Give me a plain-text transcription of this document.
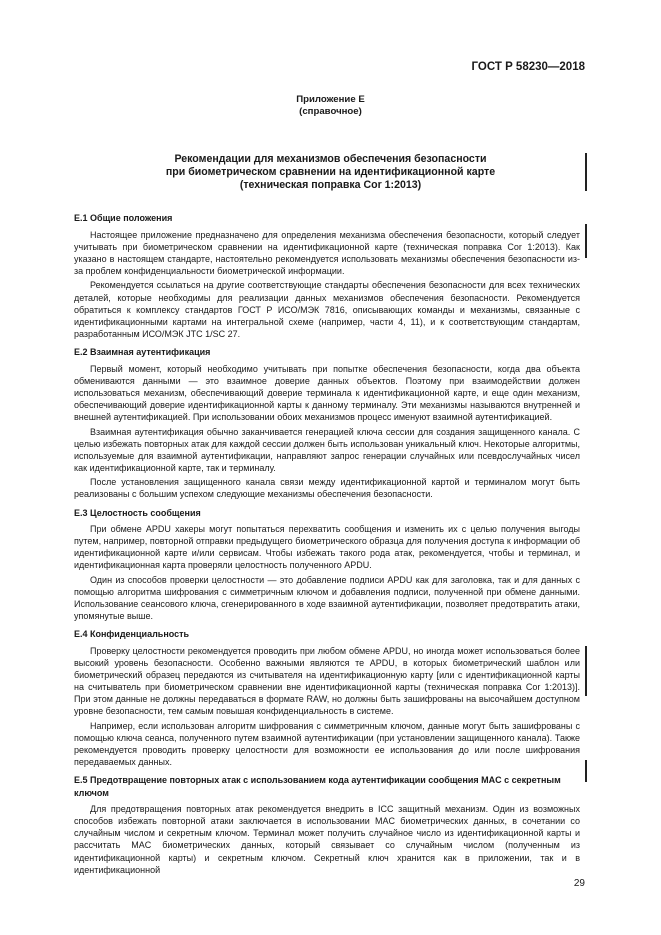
ГОСТ Р 58230—2018
Приложение Е
(справочное)
Рекомендации для механизмов обеспечения безопасности
при биометрическом сравнении на идентификационной карте
(техническая поправка Cor 1:2013)
Е.1 Общие положения

Настоящее приложение предназначено для определения механизма обеспечения безопасности, который следует учитывать при биометрическом сравнении на идентификационной карте (техническая поправка Cor 1:2013). Как указано в настоящем стандарте, настоятельно рекомендуется использовать механизмы обеспечения безопасности из-за проблем конфиденциальности биометрической информации.

Рекомендуется ссылаться на другие соответствующие стандарты обеспечения безопасности для всех технических деталей, которые необходимы для реализации данных механизмов обеспечения безопасности. Рекомендуется обратиться к комплексу стандартов ГОСТ Р ИСО/МЭК 7816, описывающих команды и механизмы, связанные с идентификационными картами на интегральной схеме (например, части 4, 11), и к соответствующим стандартам, разработанным ИСО/МЭК JTC 1/SC 27.

Е.2 Взаимная аутентификация

Первый момент, который необходимо учитывать при попытке обеспечения безопасности, когда два объекта обмениваются данными — это взаимное доверие данных объектов. Поэтому при взаимодействии должен использоваться механизм, обеспечивающий доверие терминала к идентификационной карте, и еще один механизм, обеспечивающий доверие идентификационной карты к данному терминалу. Эти механизмы называются внутренней и внешней аутентификацией. При использовании обоих механизмов процесс именуют взаимной аутентификацией.

Взаимная аутентификация обычно заканчивается генерацией ключа сессии для создания защищенного канала. С целью избежать повторных атак для каждой сессии должен быть использован уникальный ключ. Некоторые алгоритмы, используемые для взаимной аутентификации, направляют запрос генерации случайных или псевдослучайных чисел как идентификационной карте, так и терминалу.

После установления защищенного канала связи между идентификационной картой и терминалом могут быть реализованы с большим успехом следующие механизмы обеспечения безопасности.

Е.3 Целостность сообщения

При обмене APDU хакеры могут попытаться перехватить сообщения и изменить их с целью получения выгоды путем, например, повторной отправки предыдущего биометрического образца для получения доступа к информации об идентификационной карте и/или сервисам. Чтобы избежать такого рода атак, рекомендуется, чтобы и терминал, и идентификационная карта проверяли целостность полученного APDU.

Один из способов проверки целостности — это добавление подписи APDU как для заголовка, так и для данных с помощью алгоритма шифрования с симметричным ключом и добавления подписи, полученной при обмене данными. Использование сеансового ключа, сгенерированного в ходе взаимной аутентификации, позволяет предотвратить атаки, упомянутые выше.

Е.4 Конфиденциальность

Проверку целостности рекомендуется проводить при любом обмене APDU, но иногда может использоваться более высокий уровень безопасности. Особенно важными являются те APDU, в которых биометрический шаблон или биометрический образец передаются из считывателя на идентификационную карту [или с идентификационной карты на считыватель при биометрическом сравнении вне идентификационной карты (техническая поправка Cor 1:2013)]. При этом данные не должны передаваться в формате RAW, но должны быть зашифрованы на высочайшем доступном уровне безопасности, тем самым повышая конфиденциальность в системе.

Например, если использован алгоритм шифрования с симметричным ключом, данные могут быть зашифрованы с помощью ключа сеанса, полученного путем взаимной аутентификации (при установлении защищенного канала). Также рекомендуется проводить проверку целостности для возможности ее использования до или после шифрования передаваемых данных.

Е.5 Предотвращение повторных атак с использованием кода аутентификации сообщения MAC с секретным ключом

Для предотвращения повторных атак рекомендуется внедрить в ICC защитный механизм. Один из возможных способов избежать повторной атаки заключается в использовании MAC биометрических данных, в сочетании со случайным числом и секретным ключом. Терминал может получить случайное число из идентификационной карты и рассчитать MAC биометрических данных, который связывает со случайным числом (полученным из идентификационной карты) и секретным ключом. Секретный ключ хранится как в приложении, так и в идентификационной

29
